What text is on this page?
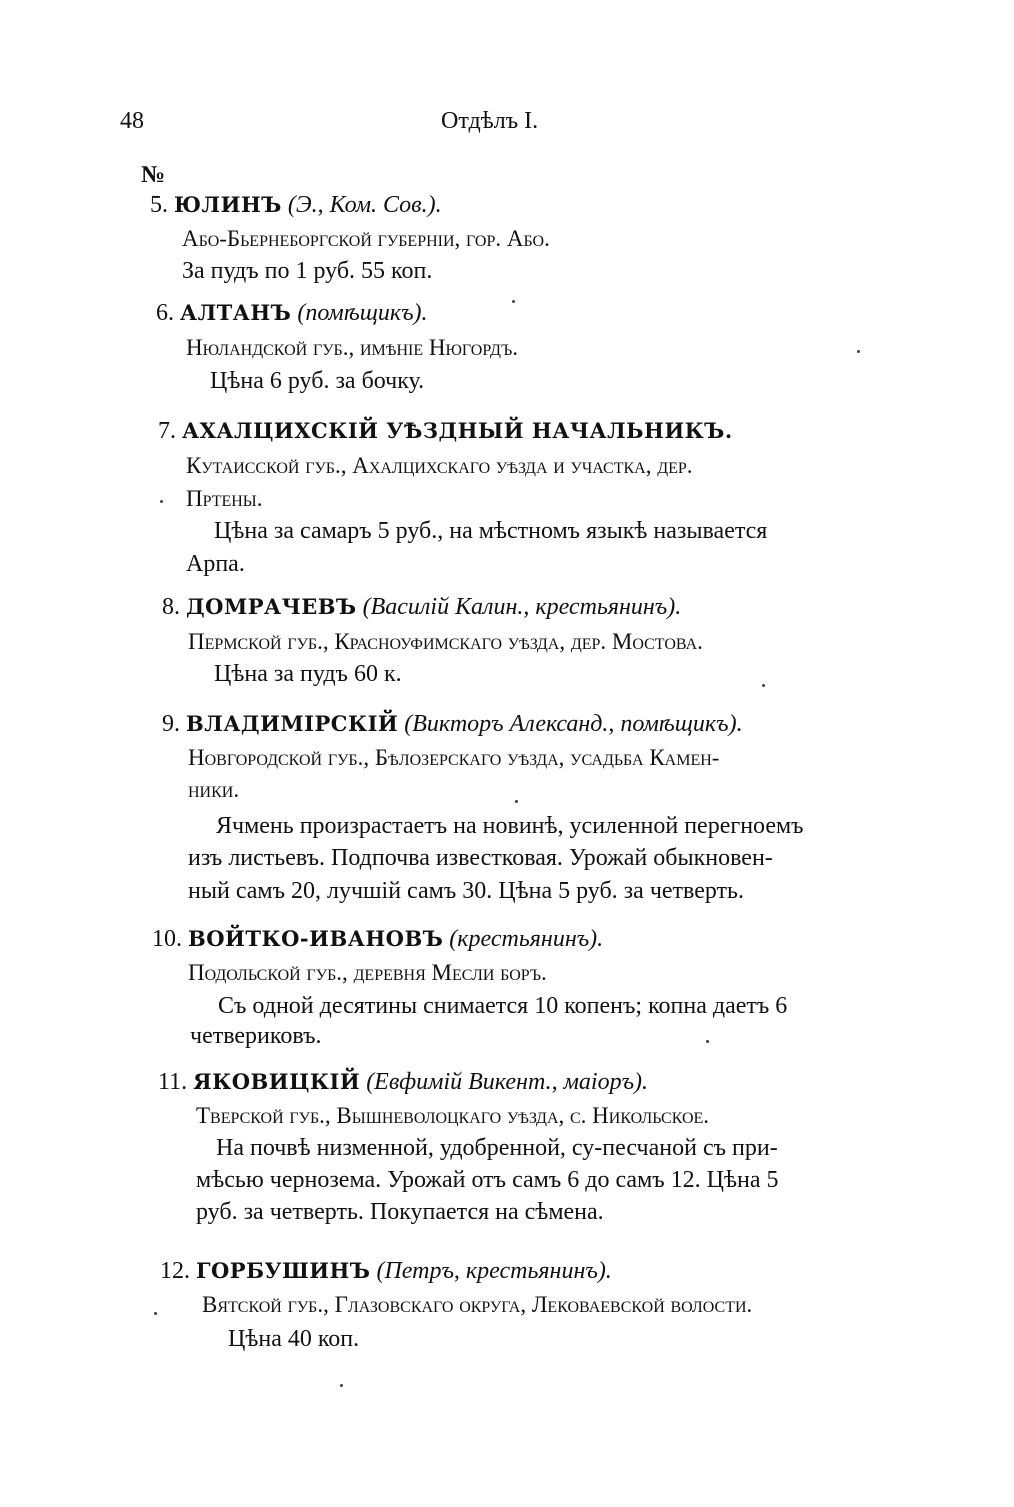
48	Отдѣлъ I.
№
5. ЮЛИНЪ (Э., Ком. Сов.).
Або-Бьернеборгской губерніи, гор. Або.
За пудъ по 1 руб. 55 коп.
6. АЛТАНЪ (помѣщикъ).
Нюландской губ., имѣніе Нюгордъ.
Цѣна 6 руб. за бочку.
7. АХАЛЦИХСКІЙ УѢЗДНЫЙ НАЧАЛЬНИКЪ.
Кутаисской губ., Ахалцихскаго уѣзда и участка, дер.
Пртены.
Цѣна за самаръ 5 руб., на мѣстномъ языкѣ называется
Арпа.
8. ДОМРАЧЕВЪ (Василій Калин., крестьянинъ).
Пермской губ., Красноуфимскаго уѣзда, дер. Мостова.
Цѣна за пудъ 60 к.
9. ВЛАДИМІРСКІЙ (Викторъ Александ., помѣщикъ).
Новгородской губ., Бѣлозерскаго уѣзда, усадьба Камен-
ники.
Ячмень произрастаетъ на новинѣ, усиленной перегноемъ
изъ листьевъ. Подпочва известковая. Урожай обыкновен-
ный самъ 20, лучшій самъ 30. Цѣна 5 руб. за четверть.
10. ВОЙТКО-ИВАНОВЪ (крестьянинъ).
Подольской губ., деревня Месли боръ.
Съ одной десятины снимается 10 копенъ; копна даетъ 6
четвериковъ.
11. ЯКОВИЦКІЙ (Евфимій Викент., маіоръ).
Тверской губ., Вышневолоцкаго уѣзда, с. Никольское.
На почвѣ низменной, удобренной, су-песчаной съ при-
мѣсью чернозема. Урожай отъ самъ 6 до самъ 12. Цѣна 5
руб. за четверть. Покупается на сѣмена.
12. ГОРБУШИНЪ (Петръ, крестьянинъ).
Вятской губ., Глазовскаго округа, Лековаевской волости.
Цѣна 40 коп.
